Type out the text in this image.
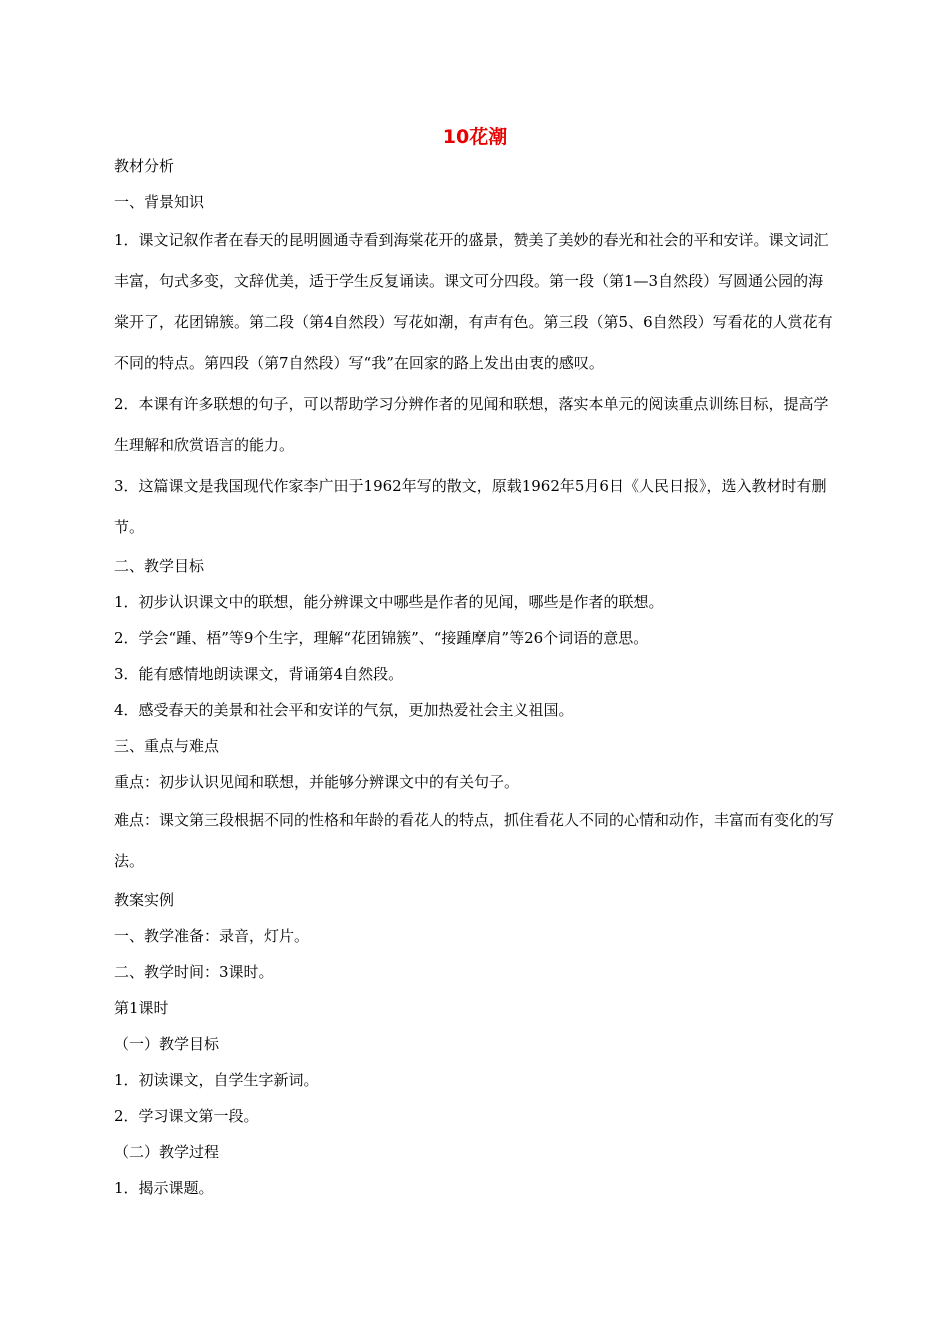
10花潮

教材分析

一、背景知识

1．课文记叙作者在春天的昆明圆通寺看到海棠花开的盛景，赞美了美妙的春光和社会的平和安详。课文词汇丰富，句式多变，文辞优美，适于学生反复诵读。课文可分四段。第一段（第1—3自然段）写圆通公园的海棠开了，花团锦簇。第二段（第4自然段）写花如潮，有声有色。第三段（第5、6自然段）写看花的人赏花有不同的特点。第四段（第7自然段）写“我”在回家的路上发出由衷的感叹。

2．本课有许多联想的句子，可以帮助学习分辨作者的见闻和联想，落实本单元的阅读重点训练目标，提高学生理解和欣赏语言的能力。

3．这篇课文是我国现代作家李广田于1962年写的散文，原载1962年5月6日《人民日报》，选入教材时有删节。

二、教学目标

1．初步认识课文中的联想，能分辨课文中哪些是作者的见闻，哪些是作者的联想。

2．学会“踵、梧”等9个生字，理解“花团锦簇”、“接踵摩肩”等26个词语的意思。

3．能有感情地朗读课文，背诵第4自然段。

4．感受春天的美景和社会平和安详的气氛，更加热爱社会主义祖国。

三、重点与难点

重点：初步认识见闻和联想，并能够分辨课文中的有关句子。

难点：课文第三段根据不同的性格和年龄的看花人的特点，抓住看花人不同的心情和动作，丰富而有变化的写法。

教案实例

一、教学准备：录音，灯片。

二、教学时间：3课时。

第1课时

（一）教学目标

1．初读课文，自学生字新词。

2．学习课文第一段。

（二）教学过程

1．揭示课题。
